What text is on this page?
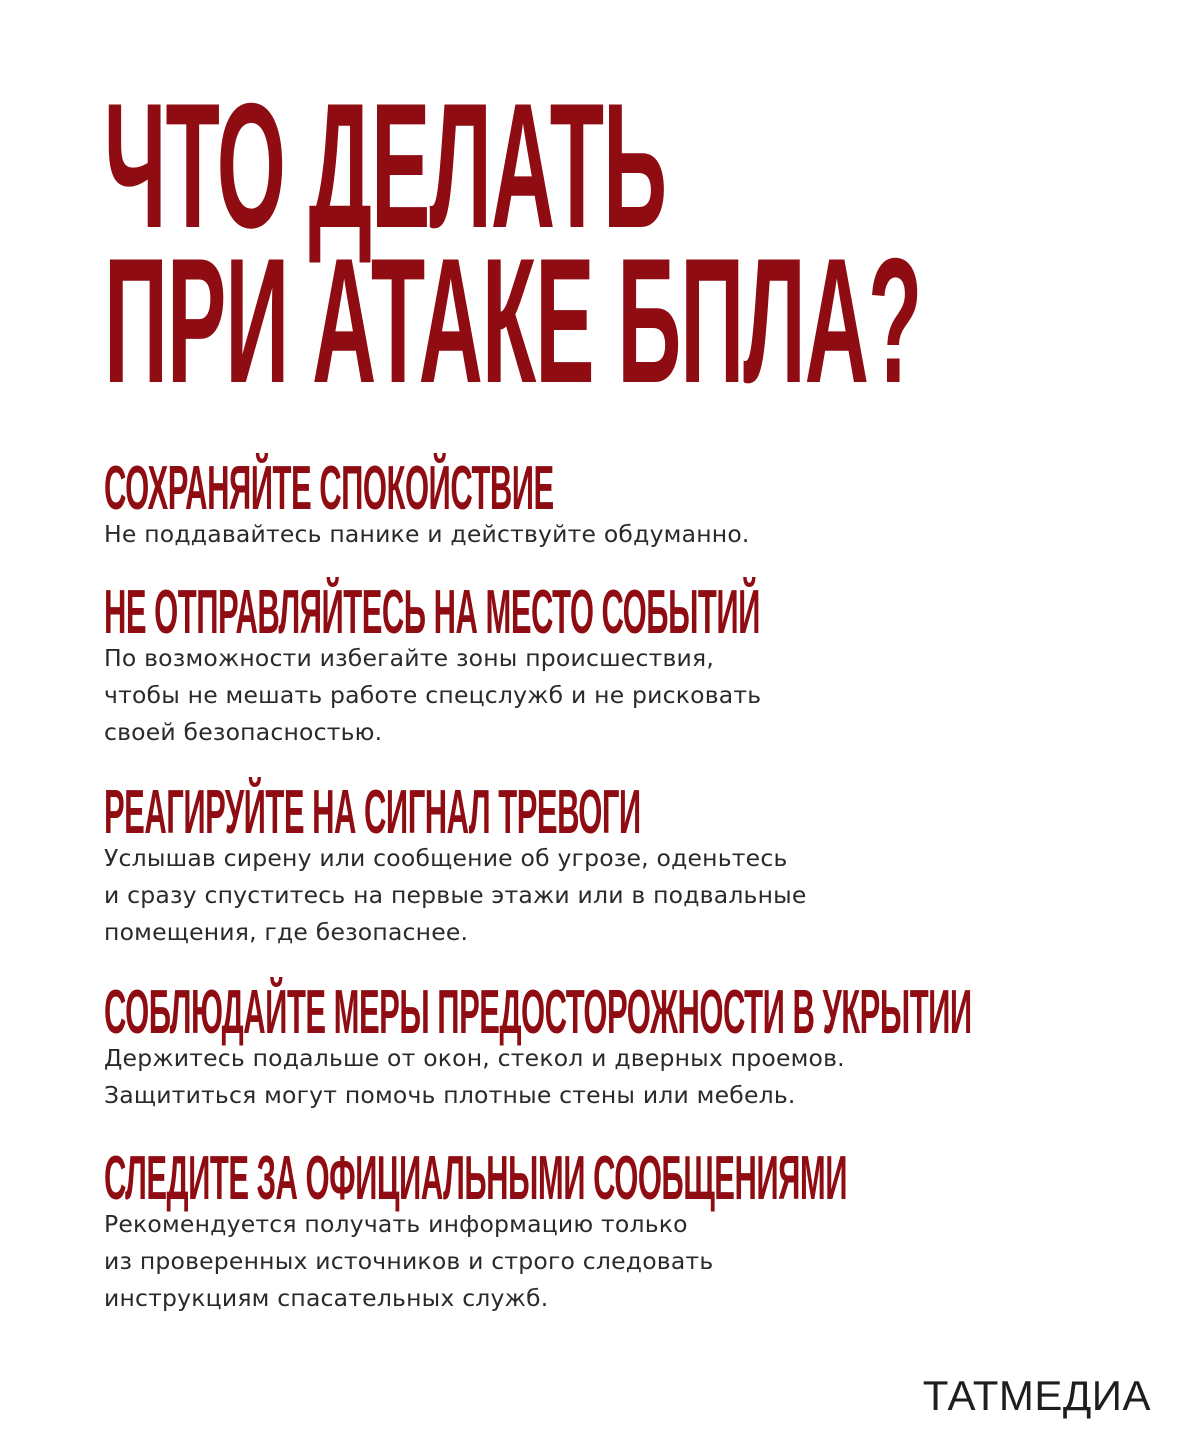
ЧТО ДЕЛАТЬ
ПРИ АТАКЕ БПЛА?
СОХРАНЯЙТЕ СПОКОЙСТВИЕ

Не поддавайтесь панике и действуйте обдуманно.

НЕ ОТПРАВЛЯЙТЕСЬ НА МЕСТО СОБЫТИЙ

По возможности избегайте зоны происшествия,
чтобы не мешать работе спецслужб и не рисковать
своей безопасностью.

РЕАГИРУЙТЕ НА СИГНАЛ ТРЕВОГИ

Услышав сирену или сообщение об угрозе, оденьтесь
и сразу спуститесь на первые этажи или в подвальные
помещения, где безопаснее.

СОБЛЮДАЙТЕ МЕРЫ ПРЕДОСТОРОЖНОСТИ В УКРЫТИИ

Держитесь подальше от окон, стекол и дверных проемов.
Защититься могут помочь плотные стены или мебель.

СЛЕДИТЕ ЗА ОФИЦИАЛЬНЫМИ СООБЩЕНИЯМИ

Рекомендуется получать информацию только
из проверенных источников и строго следовать
инструкциям спасательных служб.

ТАТМЕДИА
